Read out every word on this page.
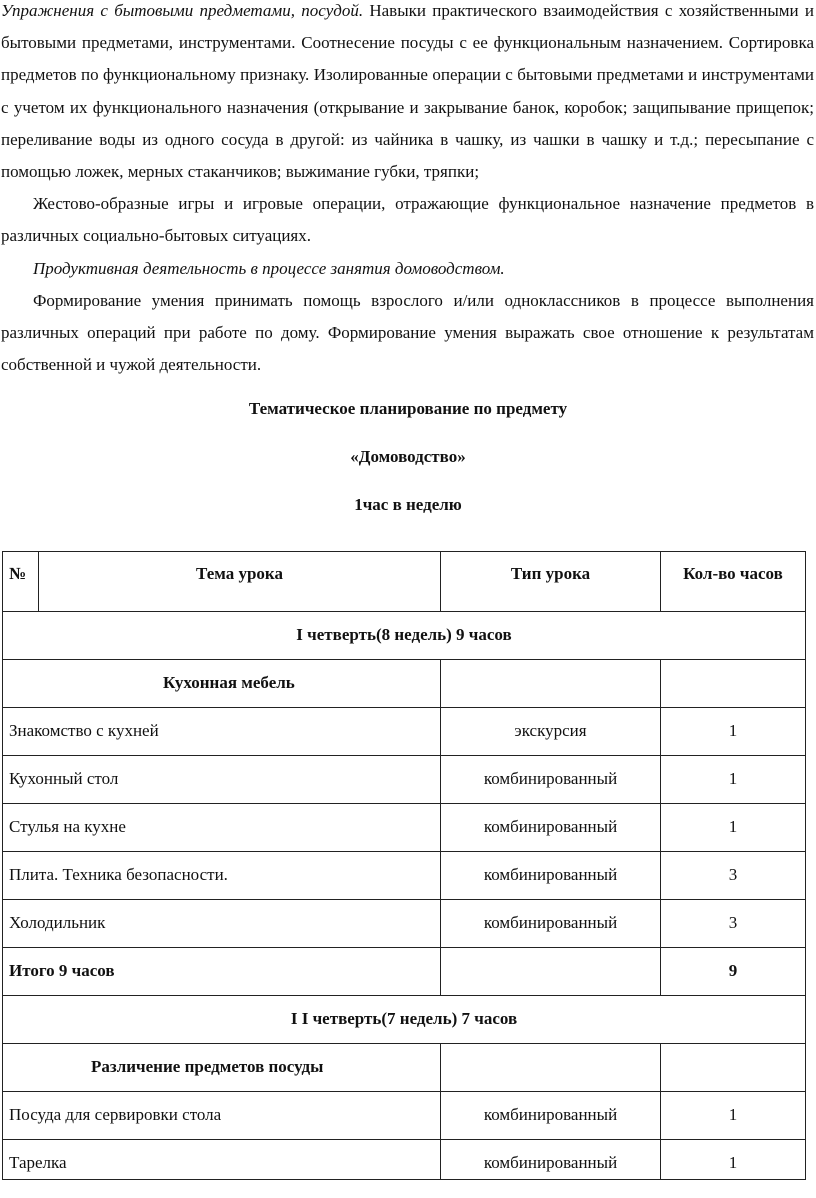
Упражнения с бытовыми предметами, посудой. Навыки практического взаимодействия с хозяйственными и бытовыми предметами, инструментами. Соотнесение посуды с ее функциональным назначением. Сортировка предметов по функциональному признаку. Изолированные операции с бытовыми предметами и инструментами с учетом их функционального назначения (открывание и закрывание банок, коробок; защипывание прищепок; переливание воды из одного сосуда в другой: из чайника в чашку, из чашки в чашку и т.д.; пересыпание с помощью ложек, мерных стаканчиков; выжимание губки, тряпки;

Жестово-образные игры и игровые операции, отражающие функциональное назначение предметов в различных социально-бытовых ситуациях.

Продуктивная деятельность в процессе занятия домоводством.

Формирование умения принимать помощь взрослого и/или одноклассников в процессе выполнения различных операций при работе по дому. Формирование умения выражать свое отношение к результатам собственной и чужой деятельности.

Тематическое планирование по предмету

«Домоводство»

1час в неделю

№	Тема урока	Тип урока	Кол-во часов

I четверть(8 недель) 9 часов			

Кухонная мебель			

Знакомство с кухней		экскурсия	1

Кухонный стол		комбинированный	1

Стулья на кухне		комбинированный	1

Плита. Техника безопасности.		комбинированный	3

Холодильник		комбинированный	3

Итого 9 часов			9

I I четверть(7 недель) 7 часов			

Различение предметов посуды			

Посуда для сервировки стола		комбинированный	1

Тарелка		комбинированный	1
